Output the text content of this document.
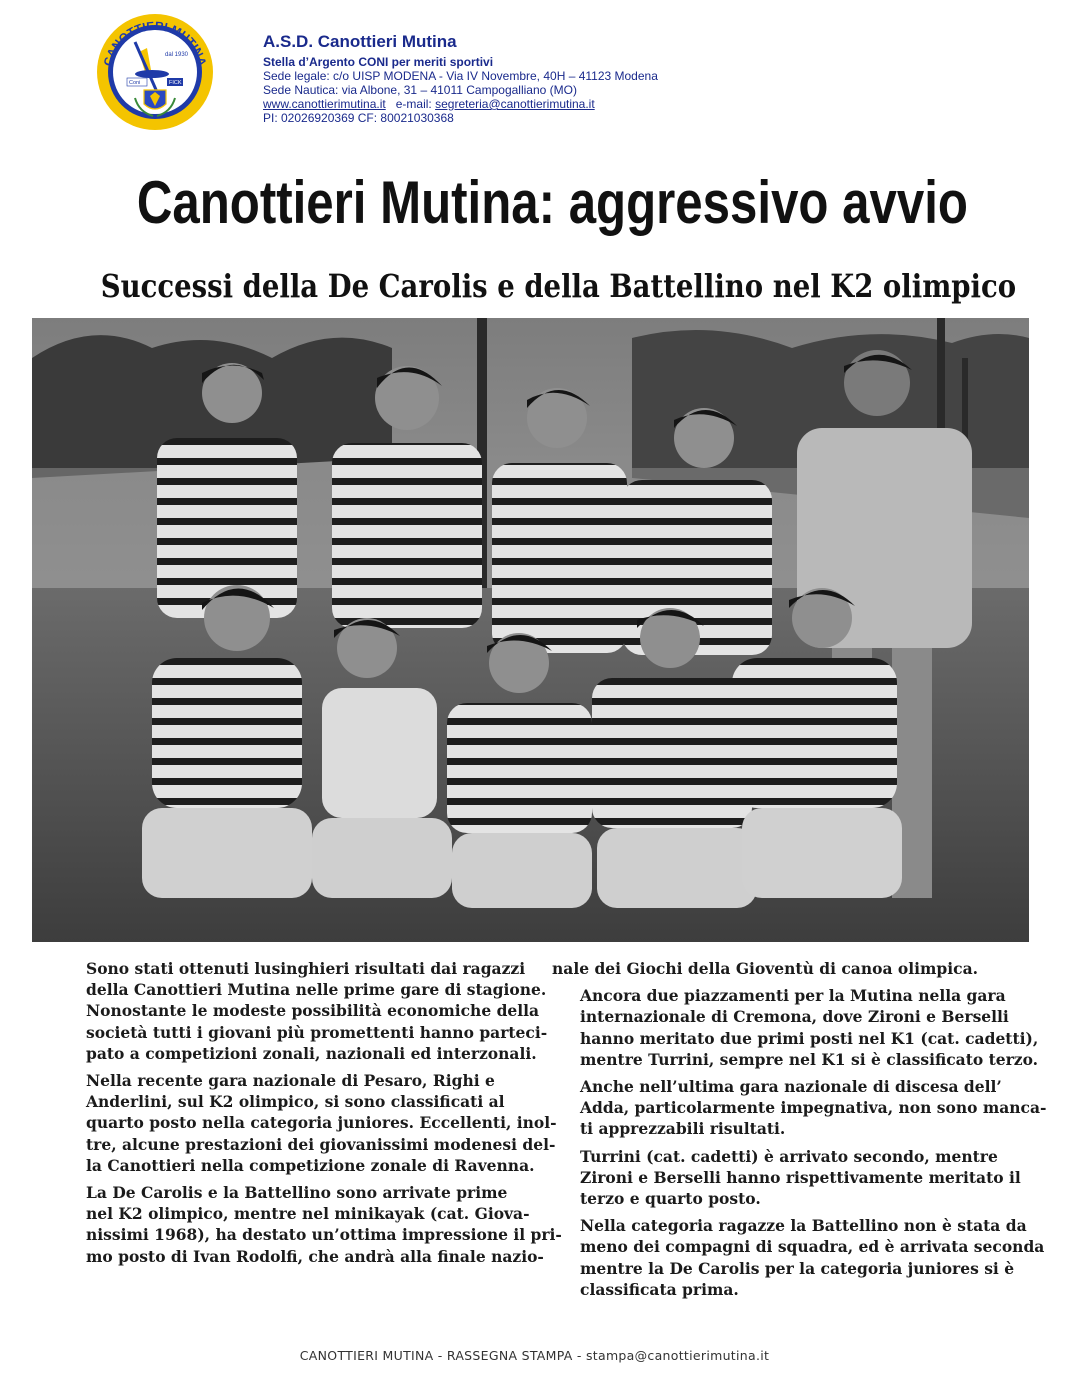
CANOTTIERI MUTINA
dal 1930
Coni	FICK
A.S.D. Canottieri Mutina
Stella d’Argento CONI per meriti sportivi
Sede legale: c/o UISP MODENA - Via IV Novembre, 40H – 41123 Modena
Sede Nautica: via Albone, 31 – 41011 Campogalliano (MO)
www.canottierimutina.it e-mail: segreteria@canottierimutina.it
PI: 02026920369 CF: 80021030368
Canottieri Mutina: aggressivo avvio
Successi della De Carolis e della Battellino nel K2 olimpico

Sono stati ottenuti lusinghieri risultati dai ragazzi
della Canottieri Mutina nelle prime gare di stagione.
Nonostante le modeste possibilità economiche della
società tutti i giovani più promettenti hanno parteci-
pato a competizioni zonali, nazionali ed interzonali.

Nella recente gara nazionale di Pesaro, Righi e
Anderlini, sul K2 olimpico, si sono classificati al
quarto posto nella categoria juniores. Eccellenti, inol-
tre, alcune prestazioni dei giovanissimi modenesi del-
la Canottieri nella competizione zonale di Ravenna.

La De Carolis e la Battellino sono arrivate prime
nel K2 olimpico, mentre nel minikayak (cat. Giova-
nissimi 1968), ha destato un’ottima impressione il pri-
mo posto di Ivan Rodolfi, che andrà alla finale nazio-

nale dei Giochi della Gioventù di canoa olimpica.

Ancora due piazzamenti per la Mutina nella gara
internazionale di Cremona, dove Zironi e Berselli
hanno meritato due primi posti nel K1 (cat. cadetti),
mentre Turrini, sempre nel K1 si è classificato terzo.

Anche nell’ultima gara nazionale di discesa dell’
Adda, particolarmente impegnativa, non sono manca-
ti apprezzabili risultati.

Turrini (cat. cadetti) è arrivato secondo, mentre
Zironi e Berselli hanno rispettivamente meritato il
terzo e quarto posto.

Nella categoria ragazze la Battellino non è stata da
meno dei compagni di squadra, ed è arrivata seconda
mentre la De Carolis per la categoria juniores si è
classificata prima.

CANOTTIERI MUTINA - RASSEGNA STAMPA - stampa@canottierimutina.it
